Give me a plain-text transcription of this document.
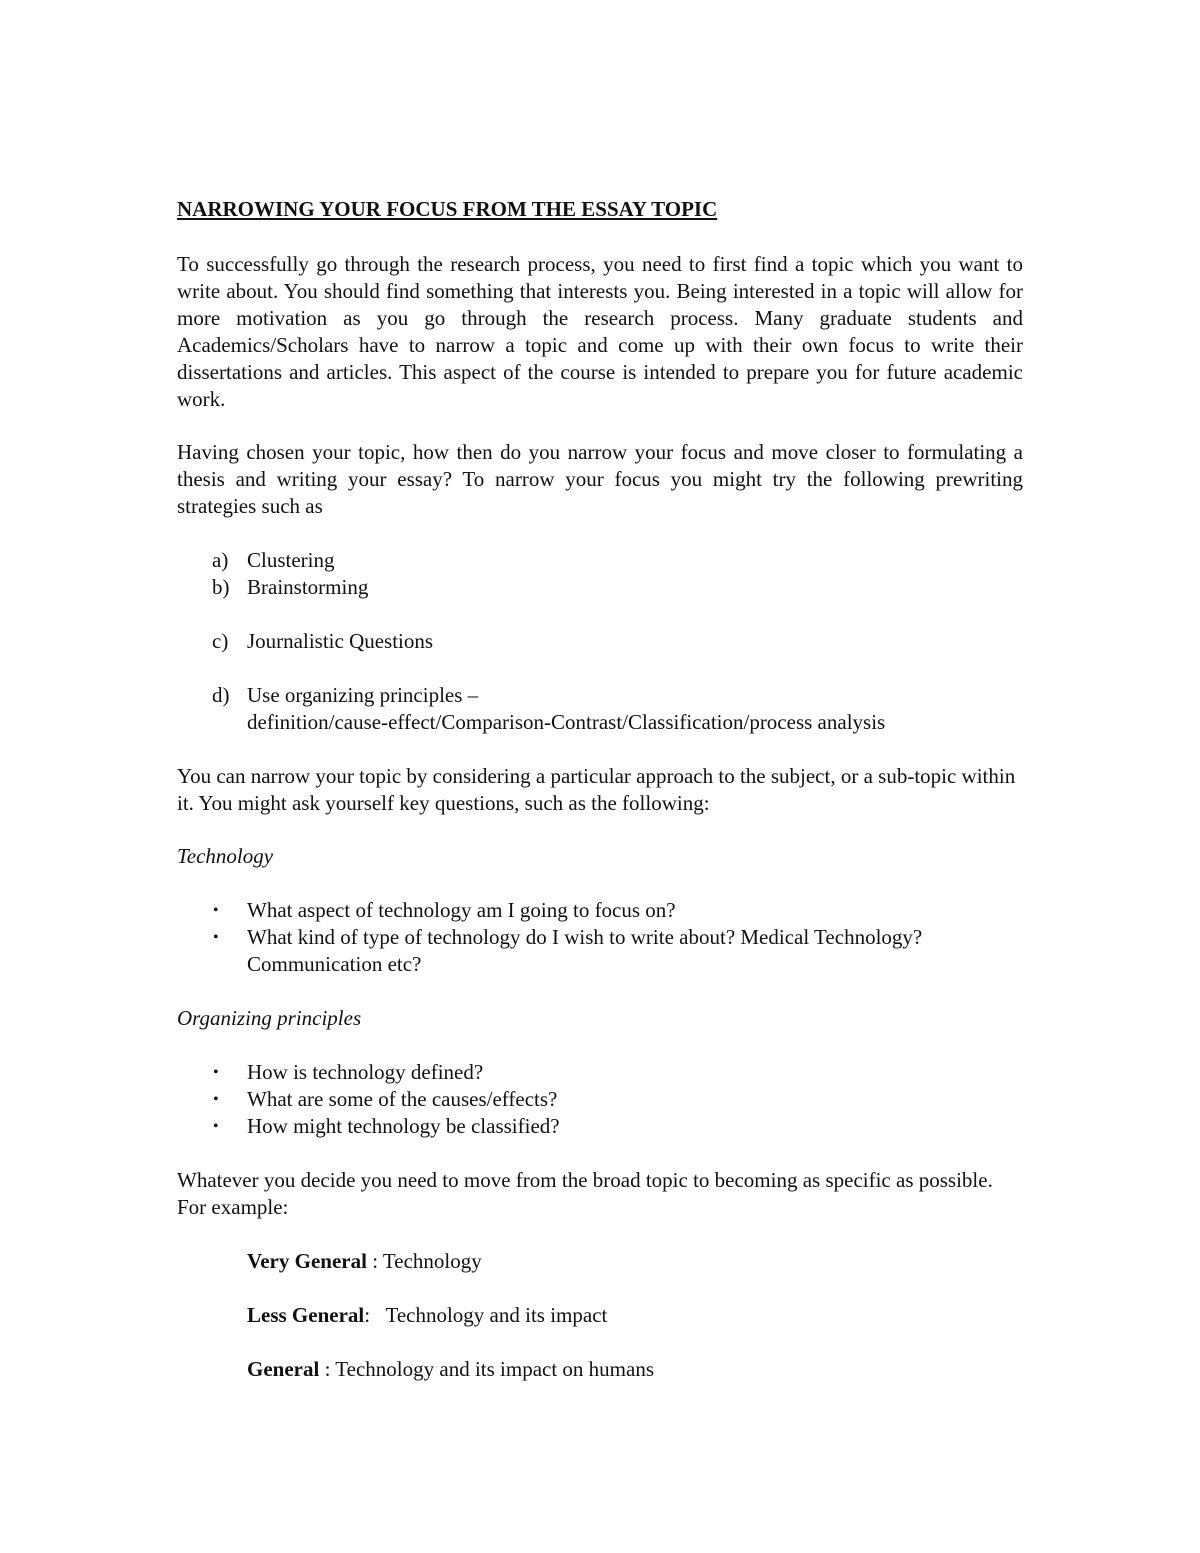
NARROWING YOUR FOCUS FROM THE ESSAY TOPIC

To successfully go through the research process, you need to first find a topic which you want to write about. You should find something that interests you. Being interested in a topic will allow for more motivation as you go through the research process. Many graduate students and Academics/Scholars have to narrow a topic and come up with their own focus to write their dissertations and articles. This aspect of the course is intended to prepare you for future academic work.

Having chosen your topic, how then do you narrow your focus and move closer to formulating a thesis and writing your essay? To narrow your focus you might try the following prewriting strategies such as

a) Clustering
b) Brainstorming
c) Journalistic Questions
d) Use organizing principles –
definition/cause-effect/Comparison-Contrast/Classification/process analysis

You can narrow your topic by considering a particular approach to the subject, or a sub-topic within it. You might ask yourself key questions, such as the following:

Technology
• What aspect of technology am I going to focus on?
• What kind of type of technology do I wish to write about? Medical Technology? Communication etc?
Organizing principles
• How is technology defined?
• What are some of the causes/effects?
• How might technology be classified?

Whatever you decide you need to move from the broad topic to becoming as specific as possible. For example:

Very General : Technology
Less General:   Technology and its impact
General : Technology and its impact on humans
